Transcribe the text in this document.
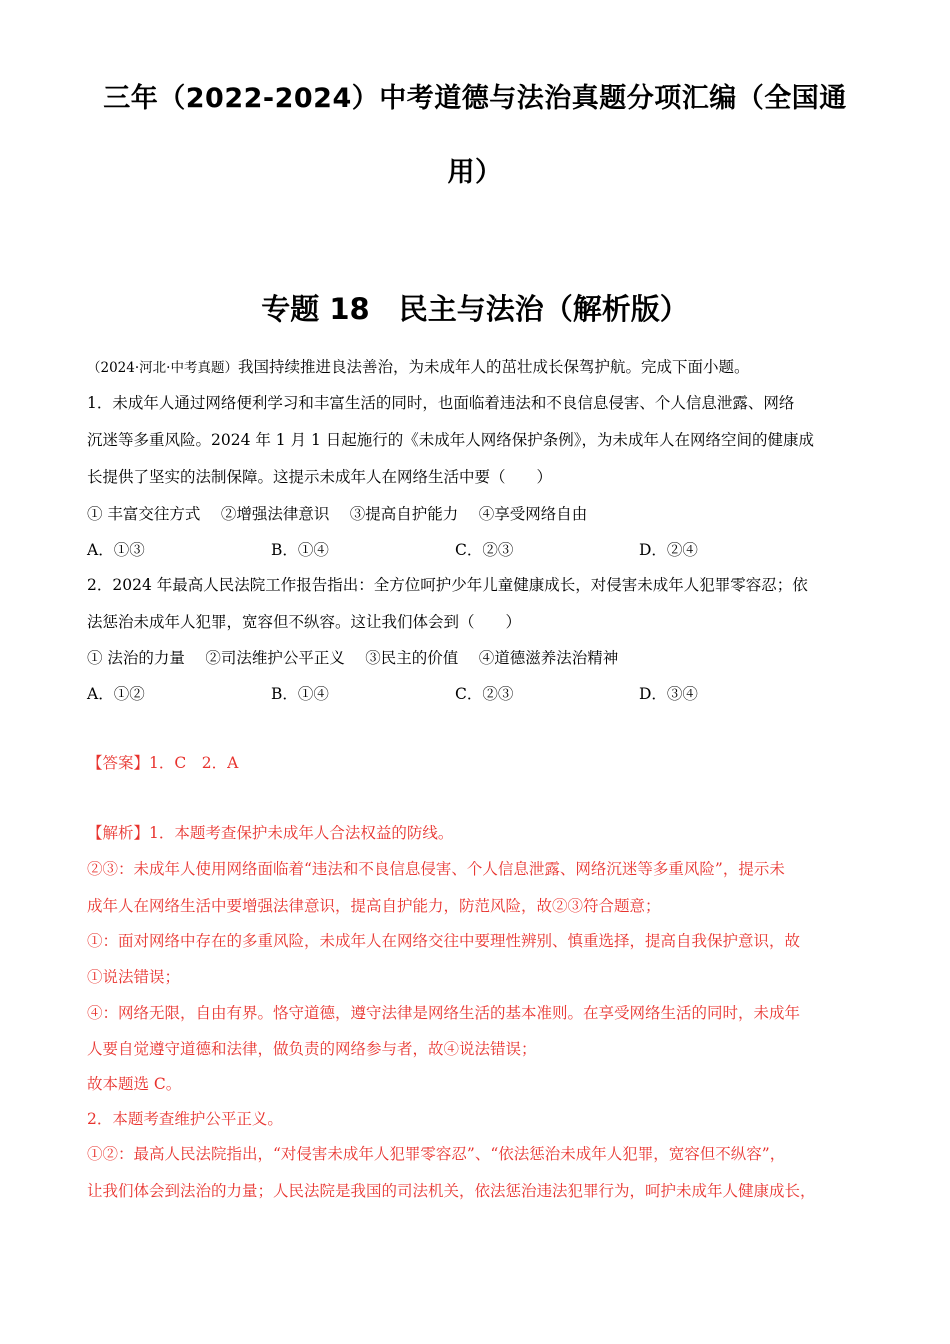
三年（2022-2024）中考道德与法治真题分项汇编（全国通
用）
专题 18　民主与法治（解析版）

（2024·河北·中考真题）我国持续推进良法善治，为未成年人的茁壮成长保驾护航。完成下面小题。

1．未成年人通过网络便利学习和丰富生活的同时，也面临着违法和不良信息侵害、个人信息泄露、网络

沉迷等多重风险。2024 年 1 月 1 日起施行的《未成年人网络保护条例》，为未成年人在网络空间的健康成

长提供了坚实的法制保障。这提示未成年人在网络生活中要（　　）

① 丰富交往方式　 ②增强法律意识　 ③提高自护能力　 ④享受网络自由

A．①③	B．①④	C．②③	D．②④

2．2024 年最高人民法院工作报告指出：全方位呵护少年儿童健康成长，对侵害未成年人犯罪零容忍；依

法惩治未成年人犯罪，宽容但不纵容。这让我们体会到（　　）

① 法治的力量　 ②司法维护公平正义　 ③民主的价值　 ④道德滋养法治精神

A．①②	B．①④	C．②③	D．③④

【答案】1．C　2．A

【解析】1．本题考查保护未成年人合法权益的防线。

②③：未成年人使用网络面临着“违法和不良信息侵害、个人信息泄露、网络沉迷等多重风险”，提示未

成年人在网络生活中要增强法律意识，提高自护能力，防范风险，故②③符合题意；

①：面对网络中存在的多重风险，未成年人在网络交往中要理性辨别、慎重选择，提高自我保护意识，故

①说法错误；

④：网络无限，自由有界。恪守道德，遵守法律是网络生活的基本准则。在享受网络生活的同时，未成年

人要自觉遵守道德和法律，做负责的网络参与者，故④说法错误；

故本题选 C。

2．本题考查维护公平正义。

①②：最高人民法院指出，“对侵害未成年人犯罪零容忍”、“依法惩治未成年人犯罪，宽容但不纵容”，

让我们体会到法治的力量；人民法院是我国的司法机关，依法惩治违法犯罪行为，呵护未成年人健康成长，
